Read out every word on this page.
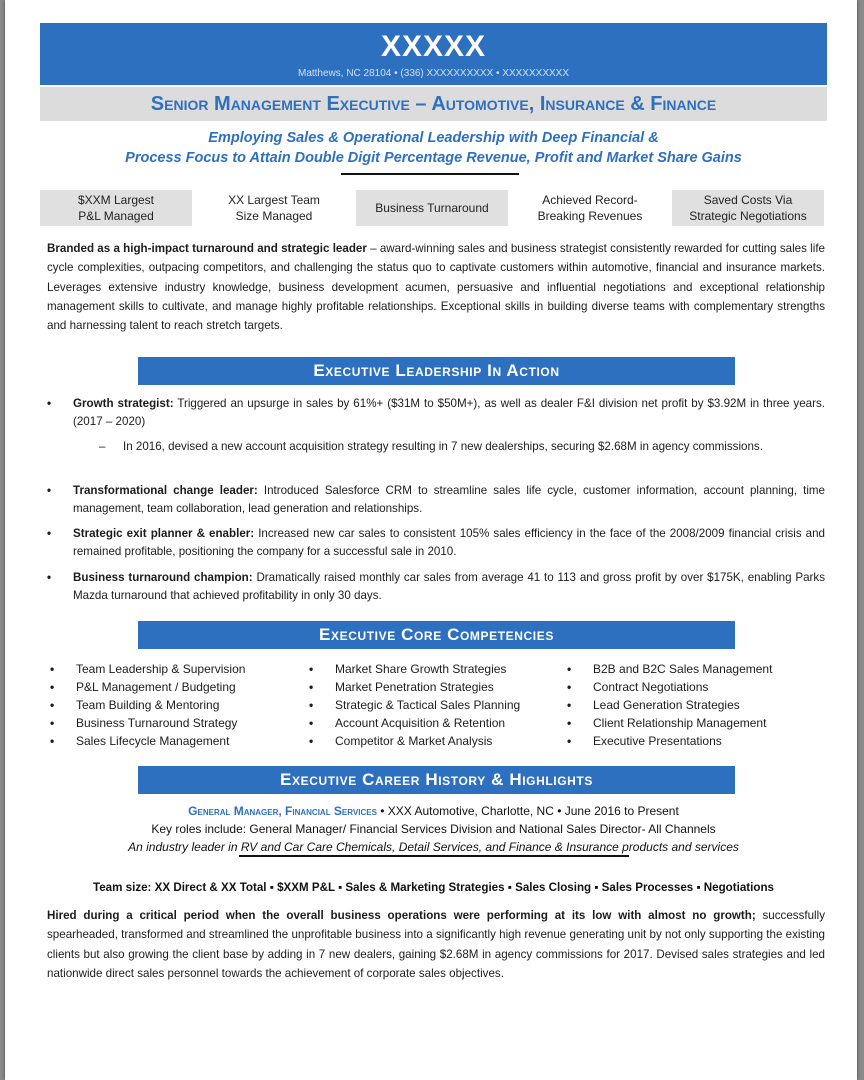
XXXXX
Matthews, NC 28104 • (336) XXXXXXXXXX • XXXXXXXXXX
Senior Management Executive – Automotive, Insurance & Finance
Employing Sales & Operational Leadership with Deep Financial &
Process Focus to Attain Double Digit Percentage Revenue, Profit and Market Share Gains
$XXM Largest
P&L Managed
XX Largest Team
Size Managed
Business Turnaround
Achieved Record-
Breaking Revenues
Saved Costs Via
Strategic Negotiations
Branded as a high-impact turnaround and strategic leader – award-winning sales and business strategist consistently rewarded for cutting sales life cycle complexities, outpacing competitors, and challenging the status quo to captivate customers within automotive, financial and insurance markets. Leverages extensive industry knowledge, business development acumen, persuasive and influential negotiations and exceptional relationship management skills to cultivate, and manage highly profitable relationships. Exceptional skills in building diverse teams with complementary strengths and harnessing talent to reach stretch targets.
Executive Leadership In Action
•	Growth strategist: Triggered an upsurge in sales by 61%+ ($31M to $50M+), as well as dealer F&I division net profit by $3.92M in three years. (2017 – 2020)
– In 2016, devised a new account acquisition strategy resulting in 7 new dealerships, securing $2.68M in agency commissions.
•	Transformational change leader: Introduced Salesforce CRM to streamline sales life cycle, customer information, account planning, time management, team collaboration, lead generation and relationships.
•	Strategic exit planner & enabler: Increased new car sales to consistent 105% sales efficiency in the face of the 2008/2009 financial crisis and remained profitable, positioning the company for a successful sale in 2010.
•	Business turnaround champion: Dramatically raised monthly car sales from average 41 to 113 and gross profit by over $175K, enabling Parks Mazda turnaround that achieved profitability in only 30 days.
Executive Core Competencies
• Team Leadership & Supervision
• P&L Management / Budgeting
• Team Building & Mentoring
• Business Turnaround Strategy
• Sales Lifecycle Management
• Market Share Growth Strategies
• Market Penetration Strategies
• Strategic & Tactical Sales Planning
• Account Acquisition & Retention
• Competitor & Market Analysis
• B2B and B2C Sales Management
• Contract Negotiations
• Lead Generation Strategies
• Client Relationship Management
• Executive Presentations
Executive Career History & Highlights
General Manager, Financial Services • XXX Automotive, Charlotte, NC • June 2016 to Present
Key roles include: General Manager/ Financial Services Division and National Sales Director- All Channels
An industry leader in RV and Car Care Chemicals, Detail Services, and Finance & Insurance products and services
Team size: XX Direct & XX Total ▪ $XXM P&L ▪ Sales & Marketing Strategies ▪ Sales Closing ▪ Sales Processes ▪ Negotiations
Hired during a critical period when the overall business operations were performing at its low with almost no growth; successfully spearheaded, transformed and streamlined the unprofitable business into a significantly high revenue generating unit by not only supporting the existing clients but also growing the client base by adding in 7 new dealers, gaining $2.68M in agency commissions for 2017. Devised sales strategies and led nationwide direct sales personnel towards the achievement of corporate sales objectives.
